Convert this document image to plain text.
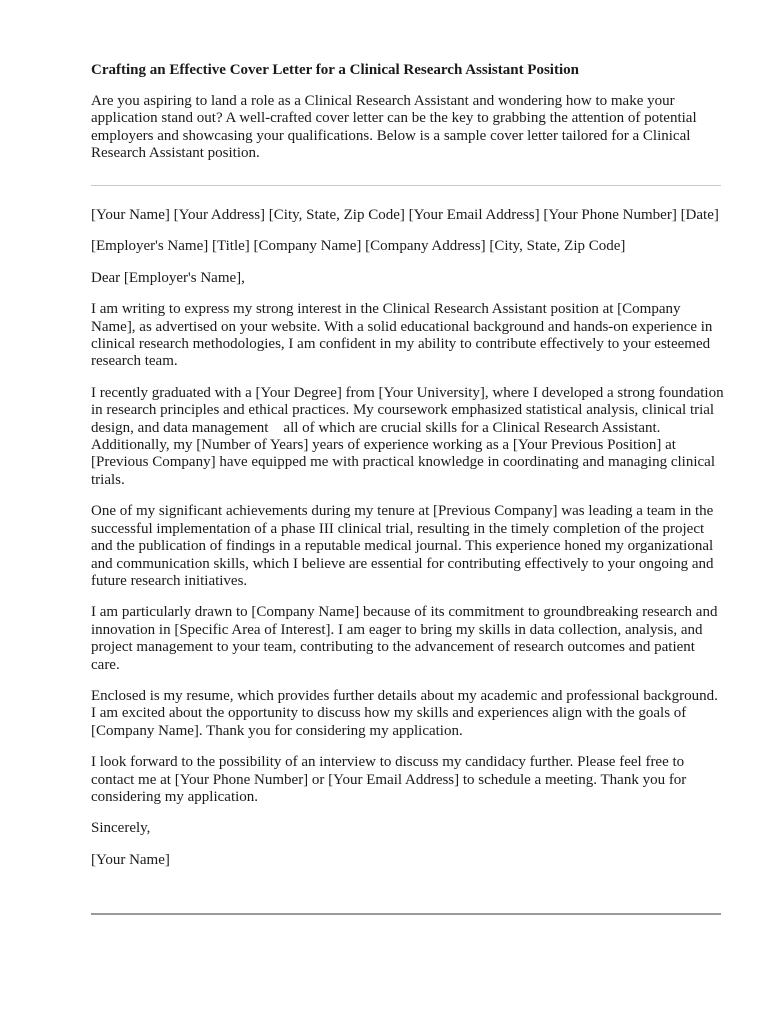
Crafting an Effective Cover Letter for a Clinical Research Assistant Position

Are you aspiring to land a role as a Clinical Research Assistant and wondering how to make your application stand out? A well-crafted cover letter can be the key to grabbing the attention of potential employers and showcasing your qualifications. Below is a sample cover letter tailored for a Clinical Research Assistant position.

[Your Name] [Your Address] [City, State, Zip Code] [Your Email Address] [Your Phone Number] [Date]

[Employer's Name] [Title] [Company Name] [Company Address] [City, State, Zip Code]

Dear [Employer's Name],

I am writing to express my strong interest in the Clinical Research Assistant position at [Company Name], as advertised on your website. With a solid educational background and hands-on experience in clinical research methodologies, I am confident in my ability to contribute effectively to your esteemed research team.

I recently graduated with a [Your Degree] from [Your University], where I developed a strong foundation in research principles and ethical practices. My coursework emphasized statistical analysis, clinical trial design, and data management    all of which are crucial skills for a Clinical Research Assistant. Additionally, my [Number of Years] years of experience working as a [Your Previous Position] at [Previous Company] have equipped me with practical knowledge in coordinating and managing clinical trials.

One of my significant achievements during my tenure at [Previous Company] was leading a team in the successful implementation of a phase III clinical trial, resulting in the timely completion of the project and the publication of findings in a reputable medical journal. This experience honed my organizational and communication skills, which I believe are essential for contributing effectively to your ongoing and future research initiatives.

I am particularly drawn to [Company Name] because of its commitment to groundbreaking research and innovation in [Specific Area of Interest]. I am eager to bring my skills in data collection, analysis, and project management to your team, contributing to the advancement of research outcomes and patient care.

Enclosed is my resume, which provides further details about my academic and professional background. I am excited about the opportunity to discuss how my skills and experiences align with the goals of [Company Name]. Thank you for considering my application.

I look forward to the possibility of an interview to discuss my candidacy further. Please feel free to contact me at [Your Phone Number] or [Your Email Address] to schedule a meeting. Thank you for considering my application.

Sincerely,

[Your Name]
